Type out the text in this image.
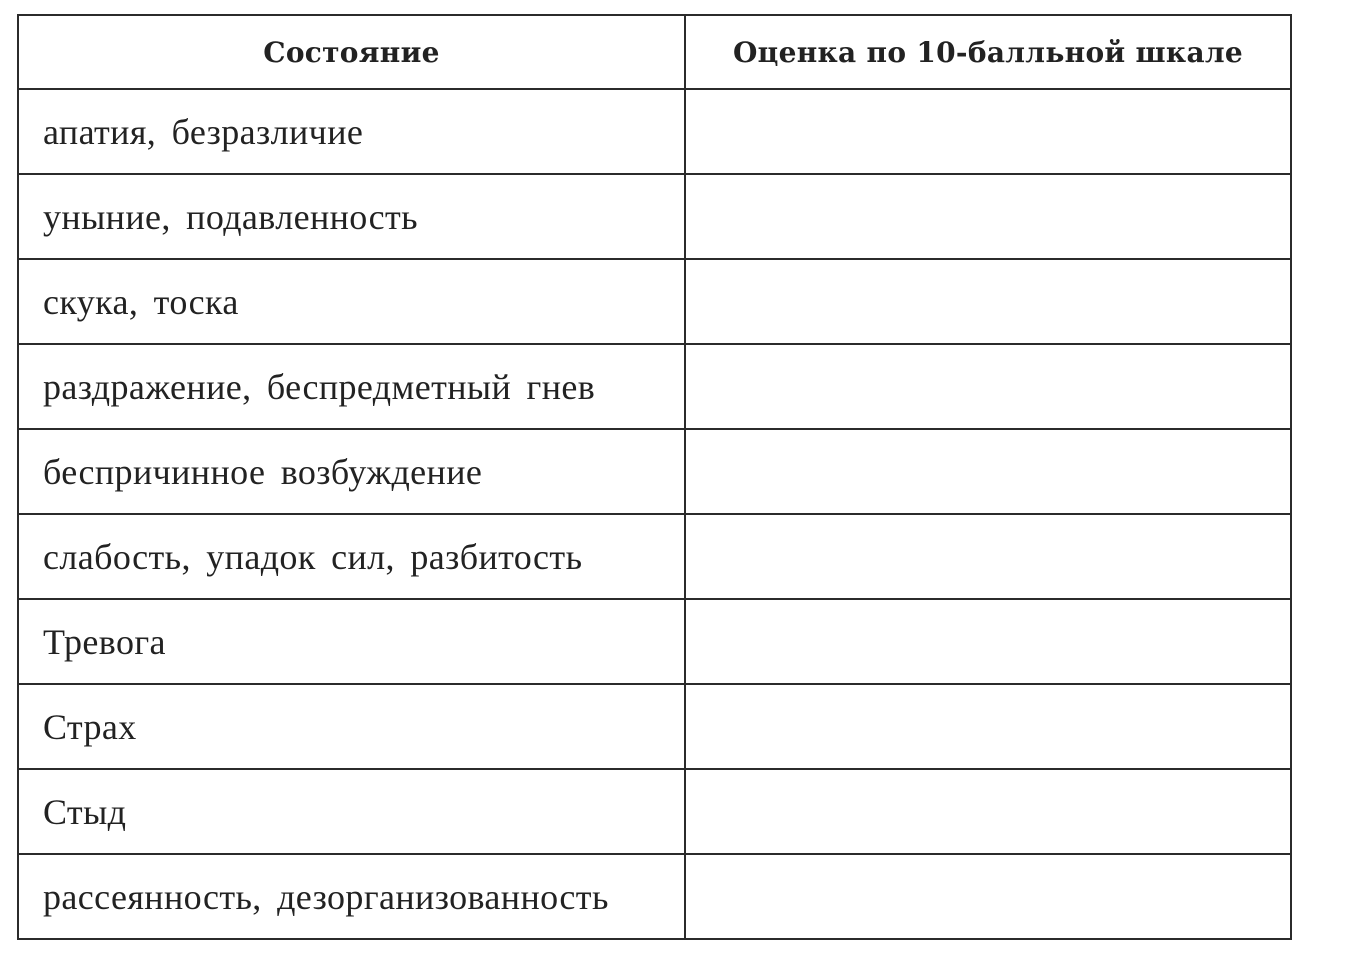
Состояние	Оценка по 10-балльной шкале
апатия, безразличие	
уныние, подавленность	
скука, тоска	
раздражение, беспредметный гнев	
беспричинное возбуждение	
слабость, упадок сил, разбитость	
Тревога	
Страх	
Стыд	
рассеянность, дезорганизованность	
